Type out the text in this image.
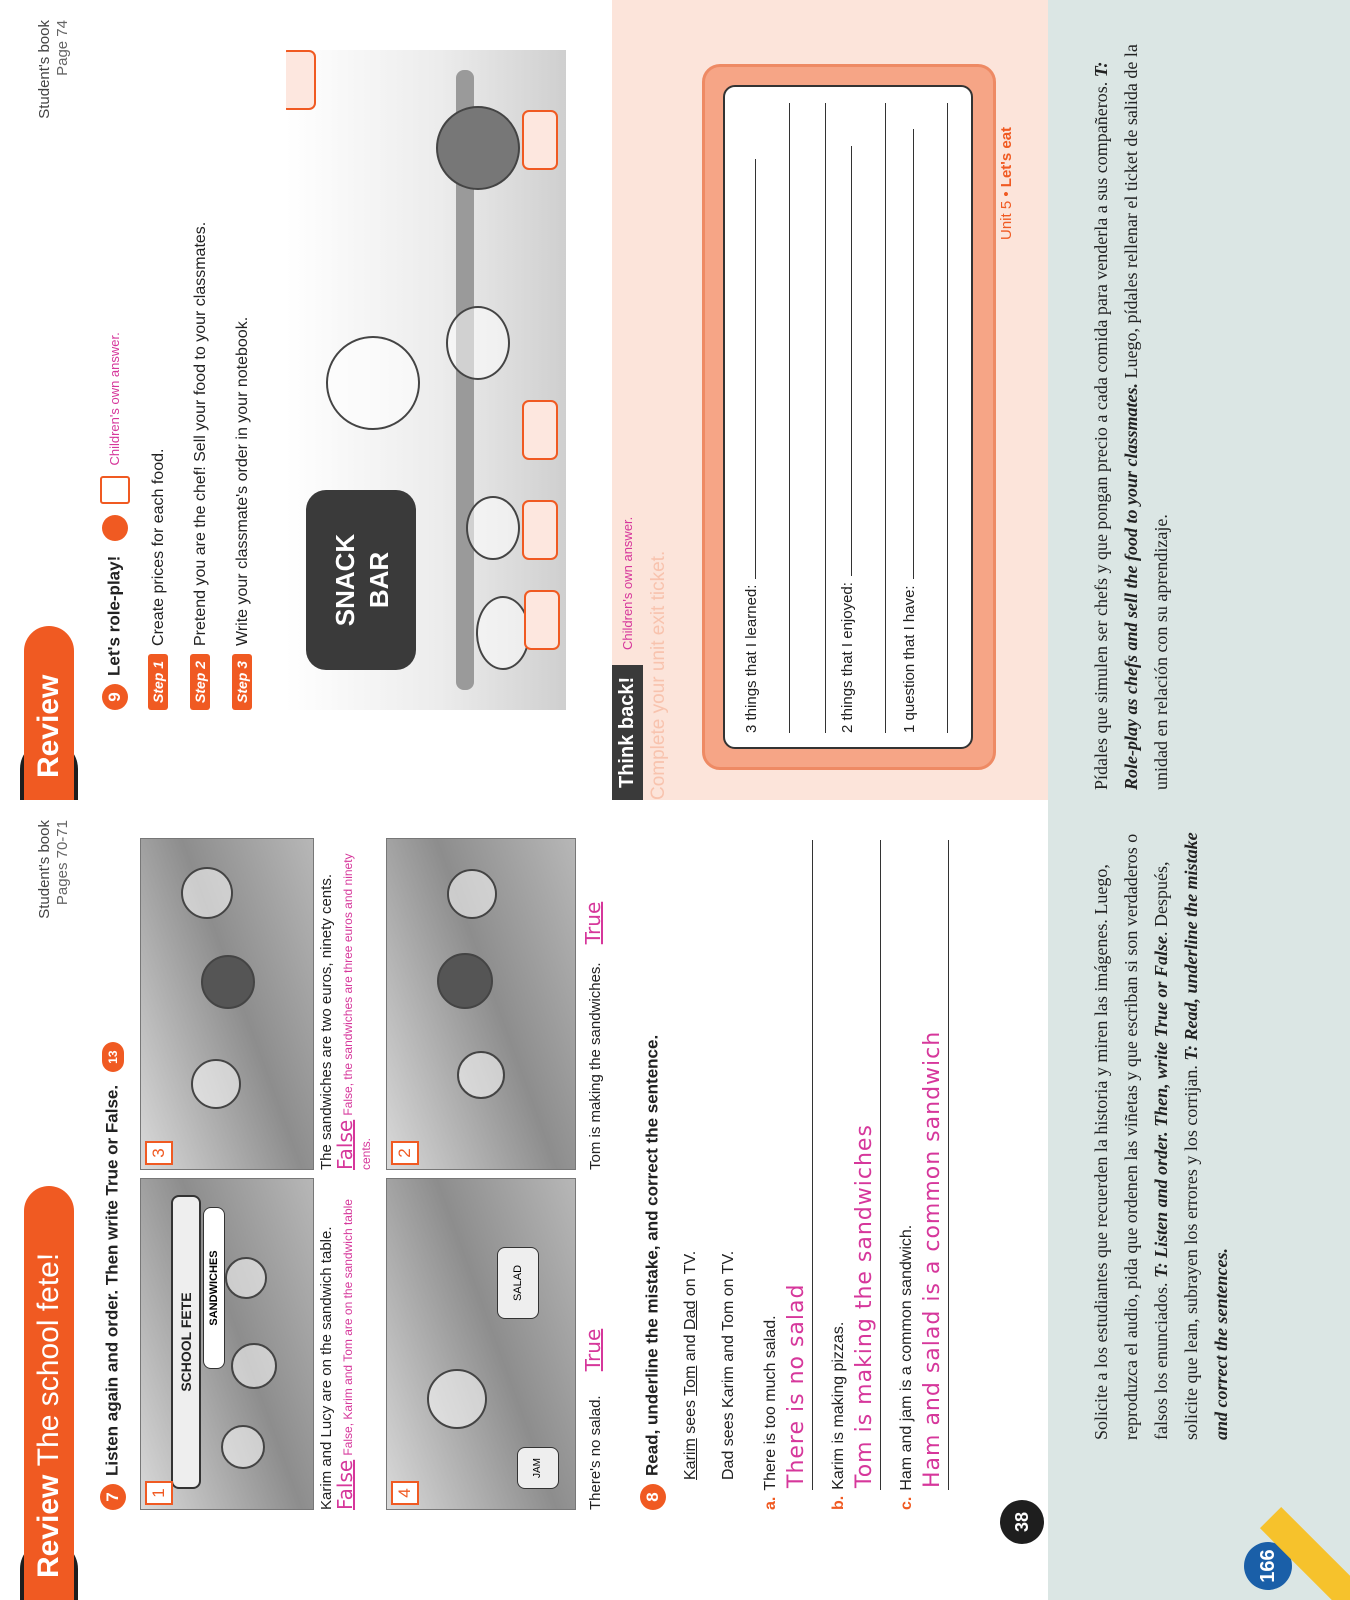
Review The school fete!
Student's book Pages 70-71
7Listen again and order. Then write True or False. 13
SCHOOL FETE
SANDWICHES
1
3
Karim and Lucy are on the sandwich table.
False False, Karim and Tom are on the sandwich table
The sandwiches are two euros, ninety cents.
False False, the sandwiches are three euros and ninety cents.
SALAD
JAM
4
2
There's no salad. True
Tom is making the sandwiches. True
8Read, underline the mistake, and correct the sentence. Karim sees Tom and Dad on TV. Dad sees Karim and Tom on TV.
a.There is too much salad. There is no salad
b.Karim is making pizzas. Tom is making the sandwiches
c.Ham and jam is a common sandwich. Ham and salad is a common sandwich
38
Solicite a los estudiantes que recuerden la historia y miren las imágenes. Luego, reproduzca el audio, pida que ordenen las viñetas y que escriban si son verdaderos o falsos los enunciados. T: Listen and order. Then, write True or False. Después, solicite que lean, subrayen los errores y los corrijan. T: Read, underline the mistake and correct the sentences.
166
Review
Student's book Page 74
9Let's role-play!   Children's own answer.
Step 1Create prices for each food.
Step 2Pretend you are the chef! Sell your food to your classmates.
Step 3Write your classmate's order in your notebook.	SNACK BAR
Think back! Complete your unit exit ticket.
Children's own answer.
3 things that I learned:	2 things that I enjoyed:	1 question that I have:
Unit 5 • Let's eat	Pídales que simulen ser chefs y que pongan precio a cada comida para venderla a sus compañeros. T: Role-play as chefs and sell the food to your classmates. Luego, pídales rellenar el ticket de salida de la unidad en relación con su aprendizaje.
